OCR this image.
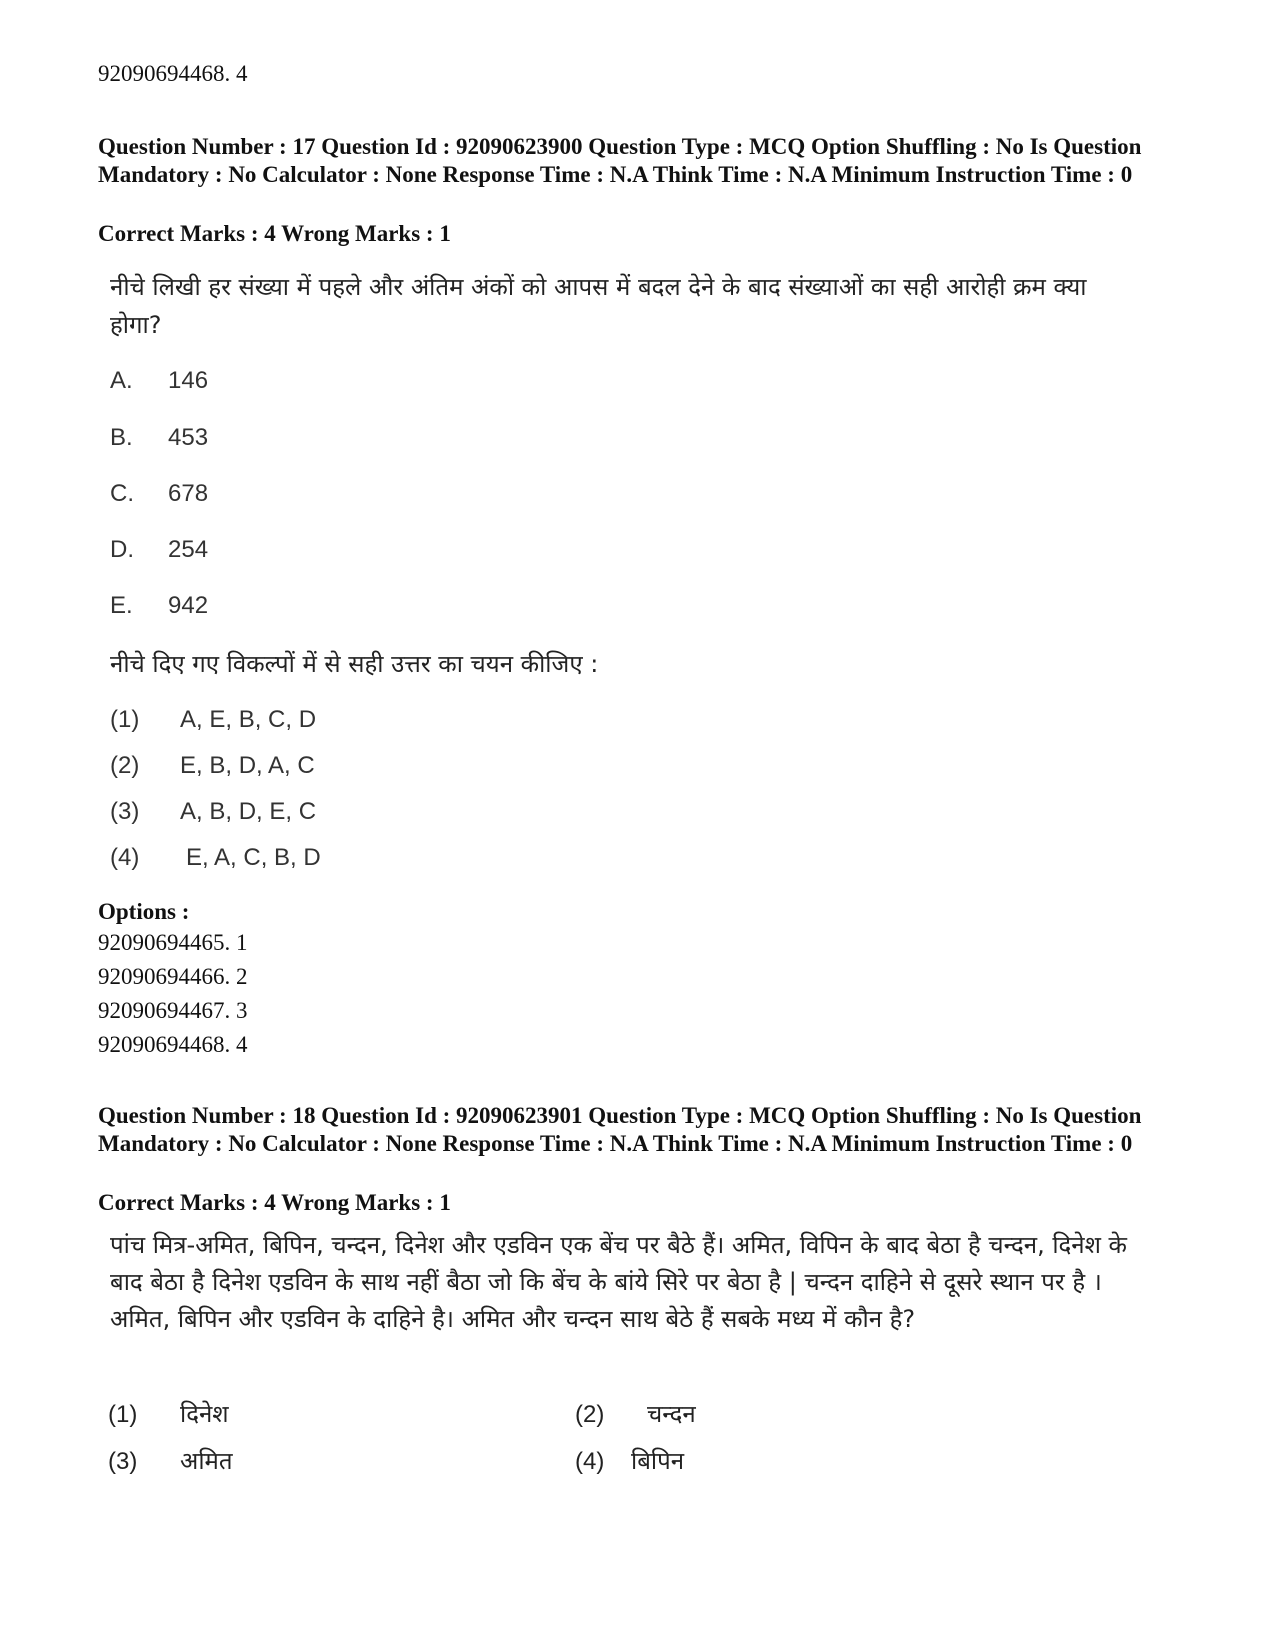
92090694468. 4
Question Number : 17 Question Id : 92090623900 Question Type : MCQ Option Shuffling : No Is Question Mandatory : No Calculator : None Response Time : N.A Think Time : N.A Minimum Instruction Time : 0
Correct Marks : 4 Wrong Marks : 1
नीचे लिखी हर संख्या में पहले और अंतिम अंकों को आपस में बदल देने के बाद संख्याओं का सही आरोही क्रम क्या होगा?
A. 146
B. 453
C. 678
D. 254
E. 942
नीचे दिए गए विकल्पों में से सही उत्तर का चयन कीजिए :
(1) A, E, B, C, D
(2) E, B, D, A, C
(3) A, B, D, E, C
(4) E, A, C, B, D
Options :
92090694465. 1
92090694466. 2
92090694467. 3
92090694468. 4
Question Number : 18 Question Id : 92090623901 Question Type : MCQ Option Shuffling : No Is Question Mandatory : No Calculator : None Response Time : N.A Think Time : N.A Minimum Instruction Time : 0
Correct Marks : 4 Wrong Marks : 1
पांच मित्र-अमित, बिपिन, चन्दन, दिनेश और एडविन एक बेंच पर बैठे हैं। अमित, विपिन के बाद बेठा है चन्दन, दिनेश के बाद बेठा है दिनेश एडविन के साथ नहीं बैठा जो कि बेंच के बांये सिरे पर बेठा है | चन्दन दाहिने से दूसरे स्थान पर है । अमित, बिपिन और एडविन के दाहिने है। अमित और चन्दन साथ बेठे हैं सबके मध्य में कौन है?
(1) दिनेश	(2) चन्दन
(3) अमित	(4) बिपिन
